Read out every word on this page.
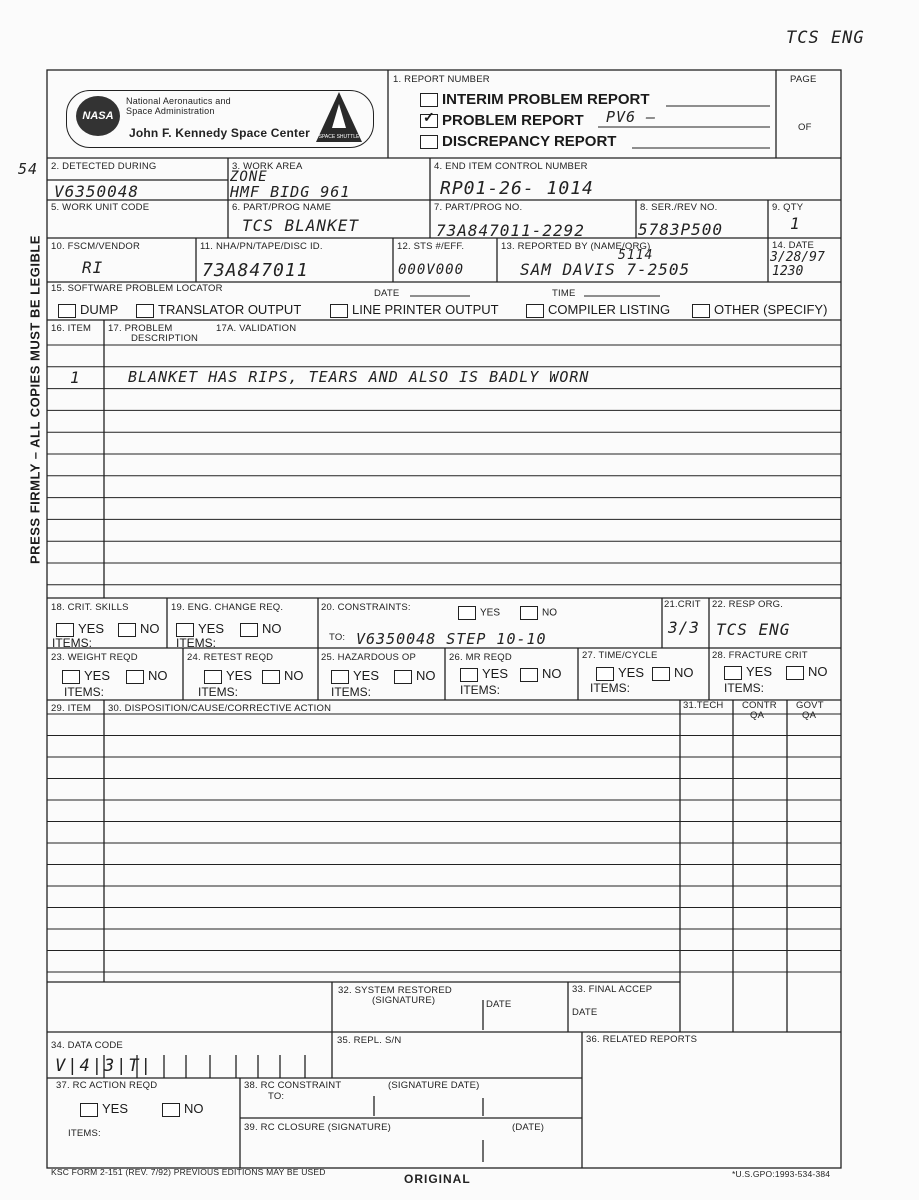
TCS ENG
54
PRESS FIRMLY – ALL COPIES MUST BE LEGIBLE
NASA
National Aeronautics and
Space Administration
John F. Kennedy Space Center SPACE SHUTTLE
1. REPORT NUMBER
INTERIM PROBLEM REPORT
✓ PROBLEM REPORT PV6 –
DISCREPANCY REPORT
PAGE
OF
2. DETECTED DURING
V6350048
3. WORK AREA
ZONE
HMF BIDG 961
4. END ITEM CONTROL NUMBER
RP01-26- 1014
5. WORK UNIT CODE	6. PART/PROG NAME
TCS BLANKET
7. PART/PROG NO.
73A847011-2292
8. SER./REV NO.
5783P500
9. QTY
1
10. FSCM/VENDOR
RI
11. NHA/PN/TAPE/DISC ID.
73A847011
12. STS #/EFF.
000V000
13. REPORTED BY (NAME/ORG)
5114
SAM DAVIS 7-2505
14. DATE
3/28/97
1230
15. SOFTWARE PROBLEM LOCATOR	DATE	TIME
DUMP	TRANSLATOR OUTPUT	LINE PRINTER OUTPUT	COMPILER LISTING	OTHER (SPECIFY)
16. ITEM 17. PROBLEM
DESCRIPTION
17A. VALIDATION
1	BLANKET HAS RIPS, TEARS AND ALSO IS BADLY WORN
18. CRIT. SKILLS
YES	NO
ITEMS:
19. ENG. CHANGE REQ.
YES	NO
ITEMS:
20. CONSTRAINTS:
YES	NO
TO: V6350048 STEP 10-10
21.CRIT
3/3
22. RESP ORG.
TCS ENG
23. WEIGHT REQD
YES	NO
ITEMS:
24. RETEST REQD
YES	NO
ITEMS:
25. HAZARDOUS OP
YES	NO
ITEMS:
26. MR REQD
YES	NO
ITEMS:
27. TIME/CYCLE
YES	NO
ITEMS:
28. FRACTURE CRIT
YES	NO
ITEMS:
29. ITEM 30. DISPOSITION/CAUSE/CORRECTIVE ACTION	31.TECH CONTR
QA
GOVT
QA
32. SYSTEM RESTORED
(SIGNATURE)	DATE
33. FINAL ACCEP
DATE
34. DATA CODE
V|4|3|T|
35. REPL. S/N	36. RELATED REPORTS
37. RC ACTION REQD
YES	NO
ITEMS:
38. RC CONSTRAINT	(SIGNATURE DATE)
TO:
39. RC CLOSURE (SIGNATURE)	(DATE)
KSC FORM 2-151 (REV. 7/92) PREVIOUS EDITIONS MAY BE USED	ORIGINAL	*U.S.GPO:1993-534-384
